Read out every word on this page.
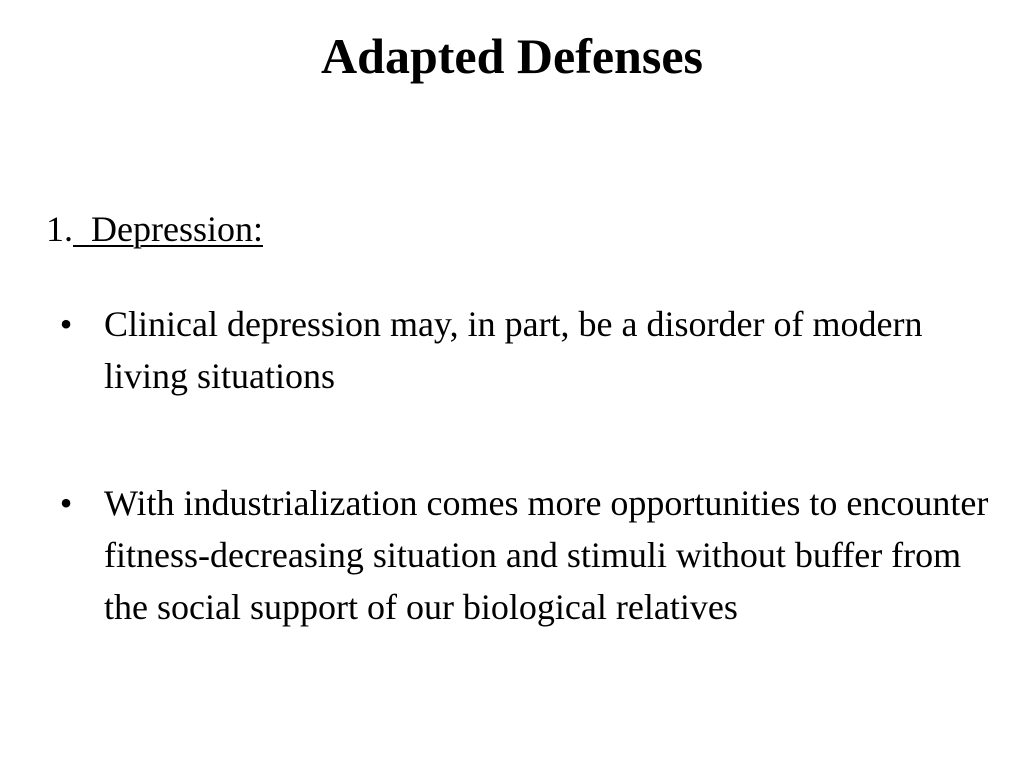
Adapted Defenses
1.  Depression:
• Clinical depression may, in part, be a disorder of modern living situations
• With industrialization comes more opportunities to encounter fitness-decreasing situation and stimuli without buffer from the social support of our biological relatives
